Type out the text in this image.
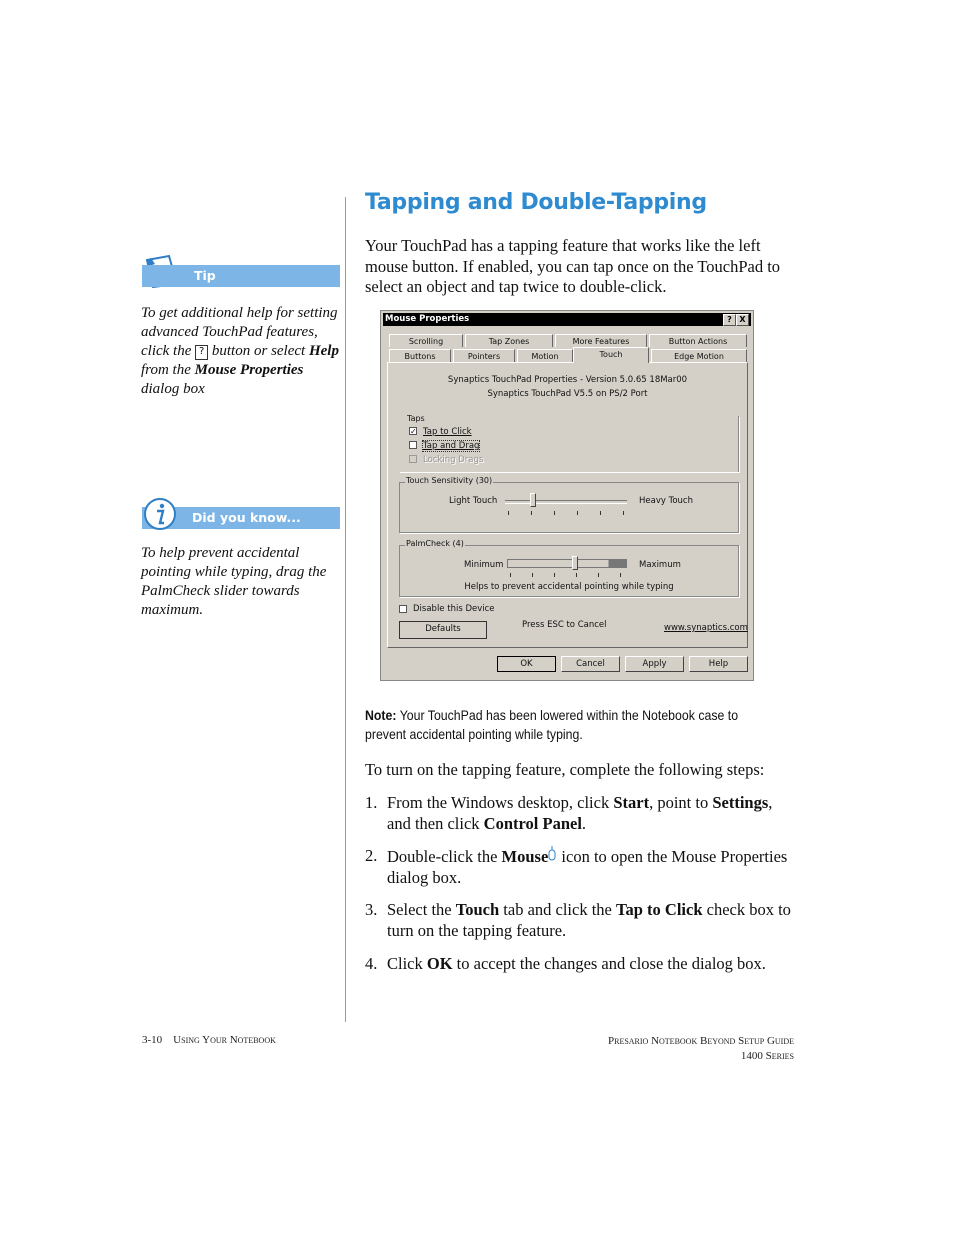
Tapping and Double-Tapping
Your TouchPad has a tapping feature that works like the left mouse button. If enabled, you can tap once on the TouchPad to select an object and tap twice to double-click.
Tip
To get additional help for setting advanced TouchPad features, click the ? button or select Help from the Mouse Properties dialog box
Did you know...
To help prevent accidental pointing while typing, drag the PalmCheck slider towards maximum.
Mouse Properties	? X
Scrolling	Tap Zones	More Features	Button Actions
Buttons	Pointers	Motion	Touch	Edge Motion
Synaptics TouchPad Properties - Version 5.0.65 18Mar00
Synaptics TouchPad V5.5 on PS/2 Port
Taps
✓ Tap to Click
Tap and Drag
Locking Drags
Touch Sensitivity (30)
Light Touch	Heavy Touch
PalmCheck (4)
Minimum	Maximum
Helps to prevent accidental pointing while typing
Disable this Device
Defaults	Press ESC to Cancel	www.synaptics.com
OK	Cancel	Apply	Help
Note: Your TouchPad has been lowered within the Notebook case to prevent accidental pointing while typing.
To turn on the tapping feature, complete the following steps:
1. From the Windows desktop, click Start, point to Settings, and then click Control Panel.
2. Double-click the Mouse icon to open the Mouse Properties dialog box.
3. Select the Touch tab and click the Tap to Click check box to turn on the tapping feature.
4. Click OK to accept the changes and close the dialog box.
3-10 Using Your Notebook	Presario Notebook Beyond Setup Guide
1400 Series
